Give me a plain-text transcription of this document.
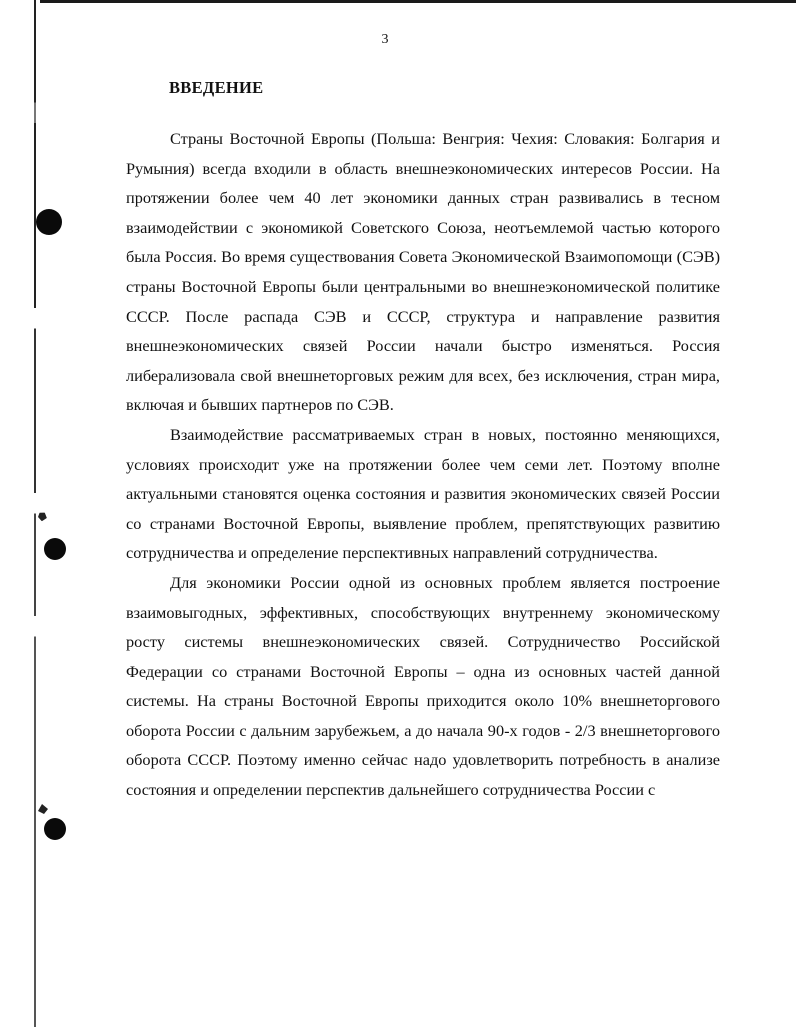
3
ВВЕДЕНИЕ

Страны Восточной Европы (Польша: Венгрия: Чехия: Словакия: Болгария и Румыния) всегда входили в область внешнеэкономических интересов России. На протяжении более чем 40 лет экономики данных стран развивались в тесном взаимодействии с экономикой Советского Союза, неотъемлемой частью которого была Россия. Во время существования Совета Экономической Взаимопомощи (СЭВ) страны Восточной Европы были центральными во внешнеэкономической политике СССР. После распада СЭВ и СССР, структура и направление развития внешнеэкономических связей России начали быстро изменяться. Россия либерализовала свой внешнеторговых режим для всех, без исключения, стран мира, включая и бывших партнеров по СЭВ.

Взаимодействие рассматриваемых стран в новых, постоянно меняющихся, условиях происходит уже на протяжении более чем семи лет. Поэтому вполне актуальными становятся оценка состояния и развития экономических связей России со странами Восточной Европы, выявление проблем, препятствующих развитию сотрудничества и определение перспективных направлений сотрудничества.

Для экономики России одной из основных проблем является построение взаимовыгодных, эффективных, способствующих внутреннему экономическому росту системы внешнеэкономических связей. Сотрудничество Российской Федерации со странами Восточной Европы – одна из основных частей данной системы. На страны Восточной Европы приходится около 10% внешнеторгового оборота России с дальним зарубежьем, а до начала 90-х годов - 2/3 внешнеторгового оборота СССР. Поэтому именно сейчас надо удовлетворить потребность в анализе состояния и определении перспектив дальнейшего сотрудничества России с
